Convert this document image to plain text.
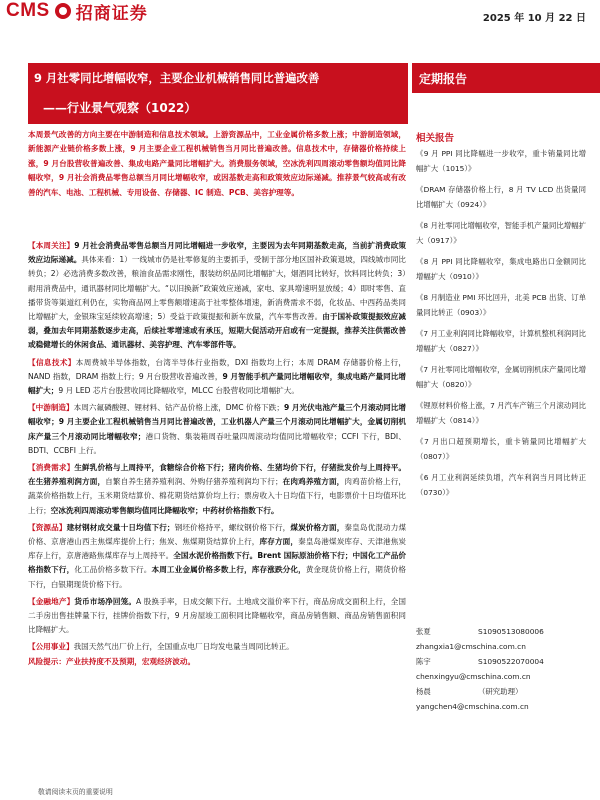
CMS 招商证券	2025 年 10 月 22 日
9 月社零同比增幅收窄，主要企业机械销售同比普遍改善
——行业景气观察（1022）
定期报告
本周景气改善的方向主要在中游制造和信息技术领域。上游资源品中，工业金属价格多数上涨；中游制造领域，新能源产业链价格多数上涨，9 月主要企业工程机械销售当月同比普遍改善。信息技术中，存储器价格持续上涨，9 月台股营收普遍改善、集成电路产量同比增幅扩大。消费服务领域，空冰洗利四周滚动零售额均值同比降幅收窄，9 月社会消费品零售总额当月同比增幅收窄，或因基数走高和政策效应边际递减。推荐景气较高或有改善的汽车、电池、工程机械、专用设备、存储器、IC 制造、PCB、美容护理等。

【本周关注】9 月社会消费品零售总额当月同比增幅进一步收窄，主要因为去年同期基数走高，当前扩消费政策效应边际递减。具体来看：1）一线城市仍是社零修复的主要抓手，受制于部分地区国补政策退坡，四线城市同比转负；2）必选消费多数改善，粮油食品需求刚性，服装纺织品同比增幅扩大，烟酒同比转好，饮料同比转负；3）耐用消费品中，通讯器材同比增幅扩大。“以旧换新”政策效应递减，家电、家具增速明显放缓；4）即时零售、直播带货等渠道红利仍在，实物商品网上零售额增速高于社零整体增速，新消费需求不弱，化妆品、中西药品类同比增幅扩大，金银珠宝延续较高增速；5）受益于政策提振和新车放量，汽车零售改善。由于国补政策提振效应减弱，叠加去年同期基数逐步走高，后续社零增速或有承压，短期大促活动开启或有一定提振，推荐关注供需改善或稳健增长的休闲食品、通讯器材、美容护理、汽车零部件等。

【信息技术】本周费城半导体指数，台湾半导体行业指数，DXI 指数均上行；本周 DRAM 存储器价格上行，NAND 指数，DRAM 指数上行；9 月台股营收普遍改善，9 月智能手机产量同比增幅收窄，集成电路产量同比增幅扩大；9 月 LED 芯片台股营收同比降幅收窄，MLCC 台股营收同比增幅扩大。

【中游制造】本周六氟磷酸锂、锂材料、钴产品价格上涨，DMC 价格下跌；9 月光伏电池产量三个月滚动同比增幅收窄；9 月主要企业工程机械销售当月同比普遍改善，工业机器人产量三个月滚动同比增幅扩大，金属切削机床产量三个月滚动同比增幅收窄；港口货物、集装箱周吞吐量四周滚动均值同比增幅收窄；CCFI 下行，BDI、BDTI、CCBFI 上行。

【消费需求】生鲜乳价格与上周持平，食糖综合价格下行；猪肉价格、生猪均价下行，仔猪批发价与上周持平。在生猪养殖利润方面，自繁自养生猪养殖利润、外购仔猪养殖利润均下行；在肉鸡养殖方面，肉鸡苗价格上行，蔬菜价格指数上行，玉米期货结算价、棉花期货结算价均上行；票房收入十日均值下行，电影票价十日均值环比上行；空冰洗利四周滚动零售额均值同比降幅收窄；中药材价格指数下行。

【资源品】建材钢材成交量十日均值下行；钢坯价格持平，螺纹钢价格下行，煤炭价格方面，秦皇岛优混动力煤价格、京唐港山西主焦煤库提价上行；焦炭、焦煤期货结算价上行，库存方面，秦皇岛港煤炭库存、天津港焦炭库存上行，京唐港路焦煤库存与上周持平。全国水泥价格指数下行。Brent 国际原油价格下行；中国化工产品价格指数下行，化工品价格多数下行。本周工业金属价格多数上行，库存涨跌分化，黄金现货价格上行，期货价格下行，白银期现货价格下行。

【金融地产】货币市场净回笼。A 股换手率，日成交额下行。土地成交溢价率下行，商品房成交面积上行，全国二手房出售挂牌量下行，挂牌价指数下行，9 月房屋竣工面积同比降幅收窄，商品房销售额、商品房销售面积同比降幅扩大。

【公用事业】我国天然气出厂价上行，全国重点电厂日均发电量当周同比转正。

风险提示：产业扶持度不及预期，宏观经济波动。
相关报告
《9 月 PPI 同比降幅进一步收窄，重卡销量同比增幅扩大（1015）》
《DRAM 存储器价格上行，8 月 TV LCD 出货量同比增幅扩大（0924）》
《8 月社零同比增幅收窄，智能手机产量同比增幅扩大（0917）》
《8 月 PPI 同比降幅收窄，集成电路出口金额同比增幅扩大（0910）》
《8 月制造业 PMI 环比回升，北美 PCB 出货、订单量同比转正（0903）》
《7 月工业利润同比降幅收窄，计算机整机利润同比增幅扩大（0827）》
《7 月社零同比增幅收窄，金属切削机床产量同比增幅扩大（0820）》
《锂原材料价格上涨，7 月汽车产销三个月滚动同比增幅扩大（0814）》
《7 月出口超预期增长，重卡销量同比增幅扩大（0807）》
《6 月工业利润延续负增，汽车利润当月同比转正（0730）》
张夏	S1090513080006
zhangxia1@cmschina.com.cn
陈宇	S1090522070004
chenxingyu@cmschina.com.cn
杨晨	（研究助理）
yangchen4@cmschina.com.cn
敬请阅读末页的重要说明
